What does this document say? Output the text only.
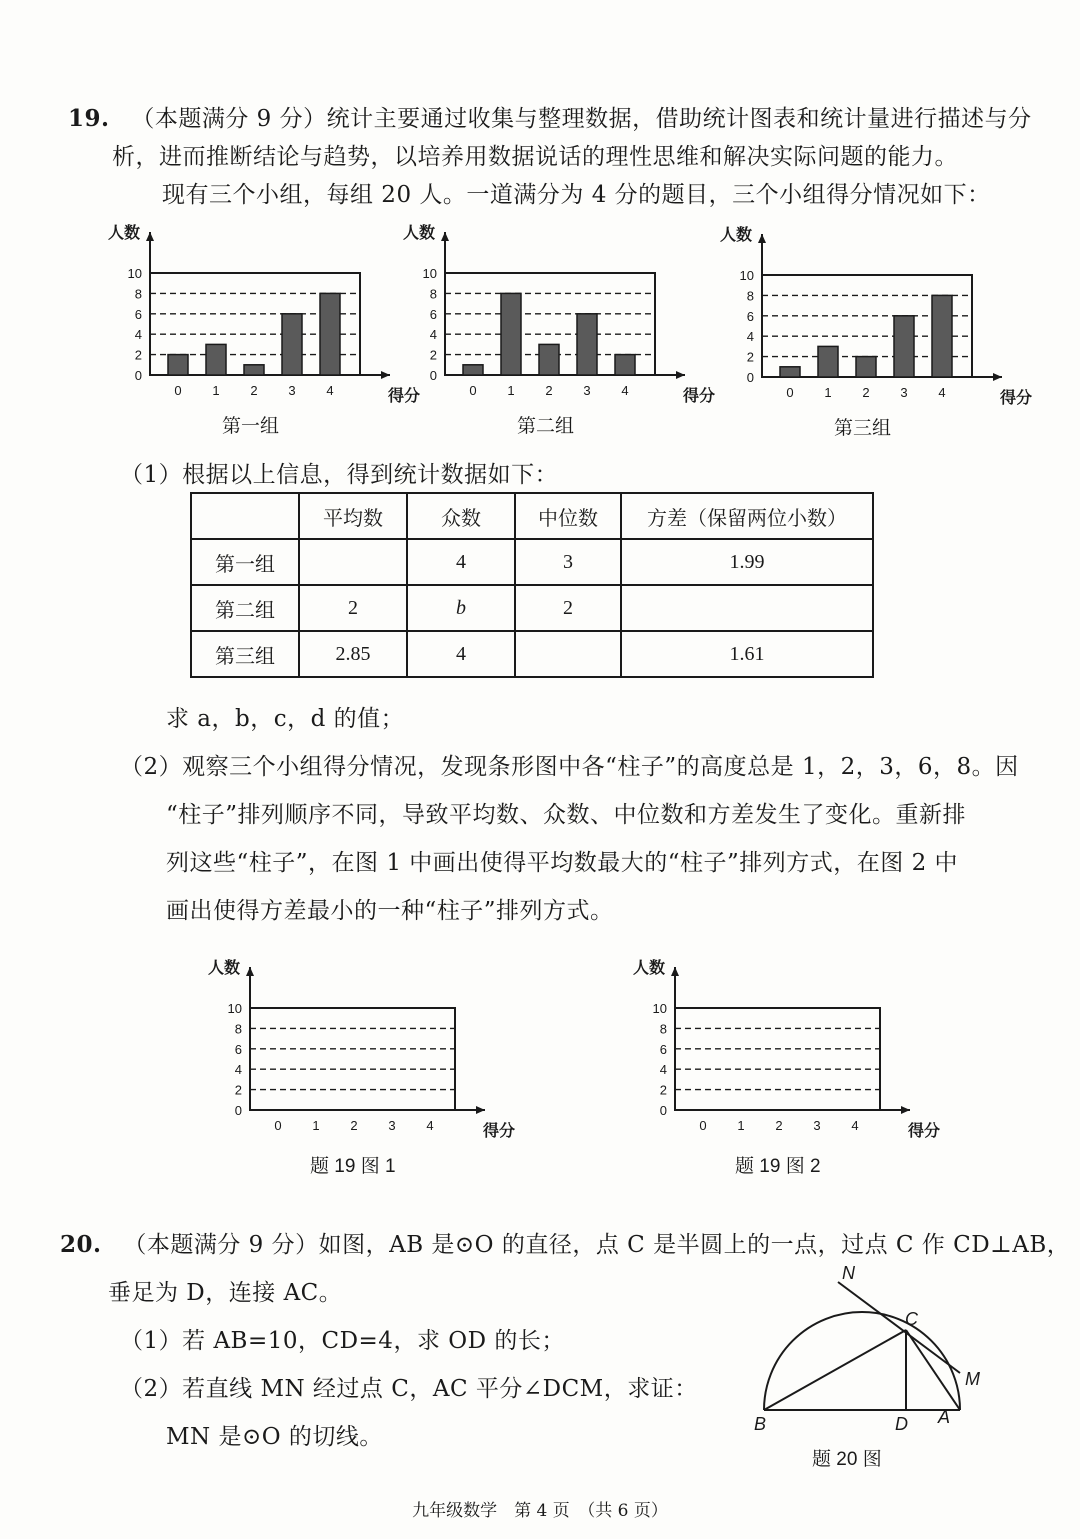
19. （本题满分 9 分）统计主要通过收集与整理数据，借助统计图表和统计量进行描述与分
析，进而推断结论与趋势，以培养用数据说话的理性思维和解决实际问题的能力。
现有三个小组，每组 20 人。一道满分为 4 分的题目，三个小组得分情况如下：
0
2
4
6
8
10
人数
得分
0 1 2 3 4
第一组
0
2
4
6
8
10
人数
得分
0 1 2 3 4
第二组
0
2
4
6
8
10
人数
得分
0 1 2 3 4
第三组
（1）根据以上信息，得到统计数据如下：
	平均数	众数	中位数	方差（保留两位小数）
第一组		4	3	1.99
第二组	2	b	2	
第三组	2.85	4		1.61
求 a，b，c，d 的值；
（2）观察三个小组得分情况，发现条形图中各“柱子”的高度总是 1，2，3，6，8。因
“柱子”排列顺序不同，导致平均数、众数、中位数和方差发生了变化。重新排
列这些“柱子”，在图 1 中画出使得平均数最大的“柱子”排列方式，在图 2 中
画出使得方差最小的一种“柱子”排列方式。
0
2
4
6
8
10
人数
得分
0 1 2 3 4
题 19 图 1
0
2
4
6
8
10
人数
得分
0 1 2 3 4
题 19 图 2
20. （本题满分 9 分）如图，AB 是⊙O 的直径，点 C 是半圆上的一点，过点 C 作 CD⊥AB，
垂足为 D，连接 AC。
（1）若 AB=10，CD=4，求 OD 的长；
（2）若直线 MN 经过点 C，AC 平分∠DCM，求证：
MN 是⊙O 的切线。
N
C
M
B	D A
题 20 图
九年级数学　第 4 页　（共 6 页）
